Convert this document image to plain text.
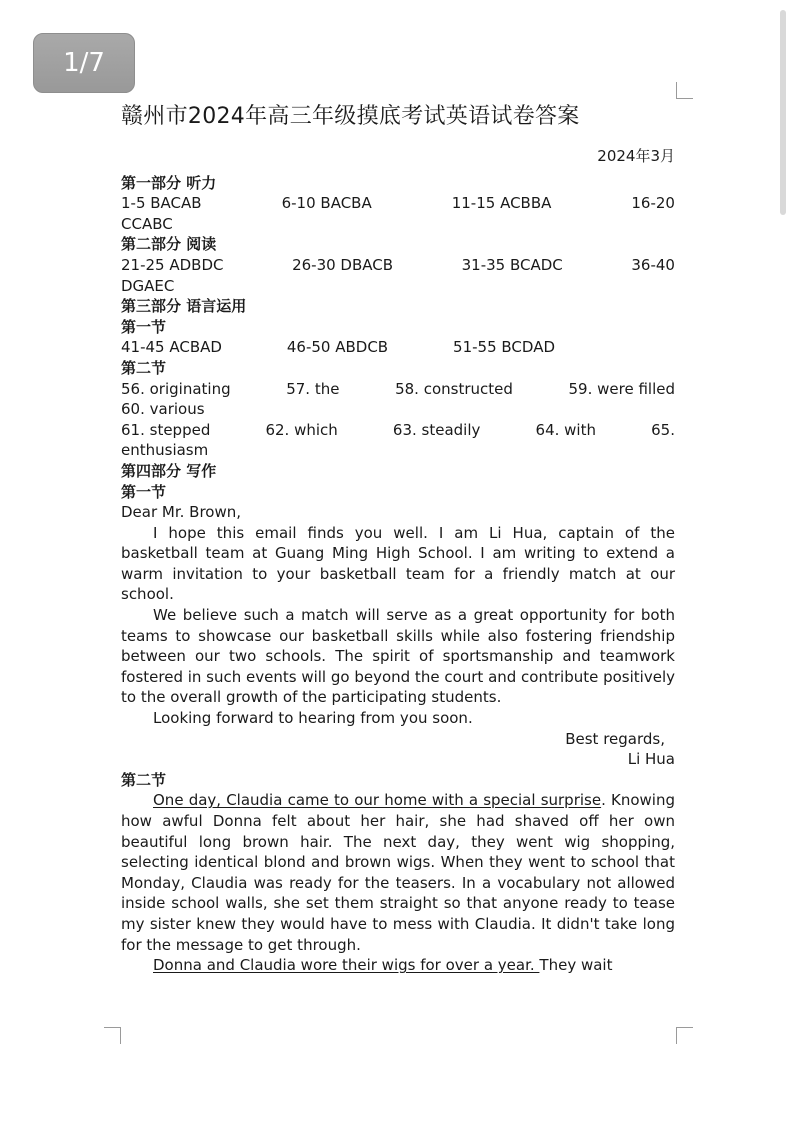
1/7
赣州市2024年高三年级摸底考试英语试卷答案
2024年3月
第一部分 听力
1-5 BACAB	6-10 BACBA	11-15 ACBBA	16-20
CCABC
第二部分 阅读
21-25 ADBDC	26-30 DBACB	31-35 BCADC	36-40
DGAEC
第三部分 语言运用
第一节
41-45 ACBAD	46-50 ABDCB	51-55 BCDAD
第二节
56. originating	57. the	58. constructed	59. were filled
60. various
61. stepped	62. which	63. steadily	64. with	65.
enthusiasm
第四部分 写作
第一节
Dear Mr. Brown,

I hope this email finds you well. I am Li Hua, captain of the basketball team at Guang Ming High School. I am writing to extend a warm invitation to your basketball team for a friendly match at our school.

We believe such a match will serve as a great opportunity for both teams to showcase our basketball skills while also fostering friendship between our two schools. The spirit of sportsmanship and teamwork fostered in such events will go beyond the court and contribute positively to the overall growth of the participating students.

Looking forward to hearing from you soon.

Best regards,
Li Hua
第二节

One day, Claudia came to our home with a special surprise. Knowing how awful Donna felt about her hair, she had shaved off her own beautiful long brown hair. The next day, they went wig shopping, selecting identical blond and brown wigs. When they went to school that Monday, Claudia was ready for the teasers. In a vocabulary not allowed inside school walls, she set them straight so that anyone ready to tease my sister knew they would have to mess with Claudia. It didn't take long for the message to get through.

Donna and Claudia wore their wigs for over a year. They wait
